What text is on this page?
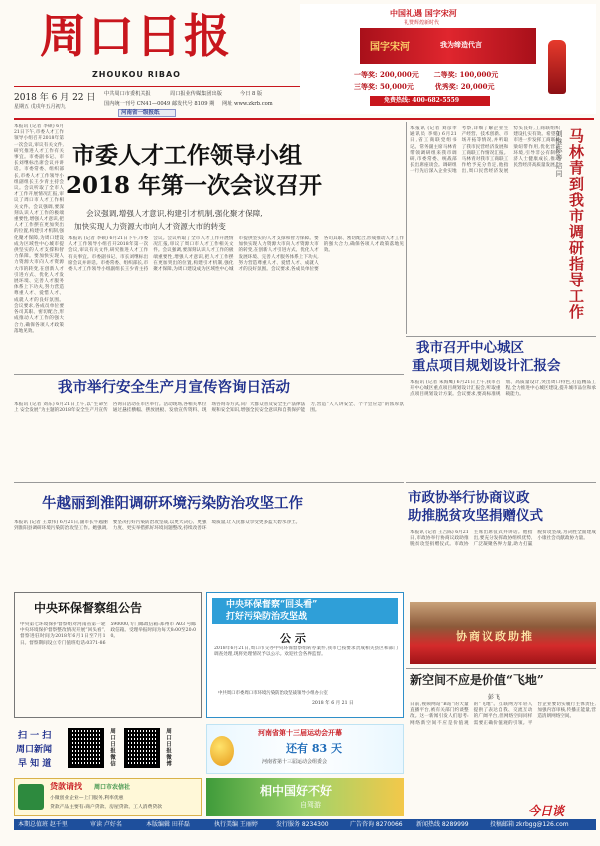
周口日报
ZHOUKOU RIBAO
2018 年 6 月 22 日
星期五 戊戌年五月初九
中共周口市委机关报	周口报业传媒集团出版	今日 8 版
国内统一刊号 CN41—0049 邮发代号 8109 期 网址 www.zkrb.com
河南省一级报纸
中国礼遇 国字宋河
礼赞辉煌新时代
国字宋河	我为缔造代言
一等奖: 200,000元 二等奖: 100,000元
三等奖: 50,000元	优秀奖: 20,000元
免费热线: 400-682-5559
市委人才工作领导小组
2018 年第一次会议召开
会议强调,增强人才意识,构建引才机制,强化聚才保障,
加快实现人力资源大市向人才资源大市的转变
本报讯 (记者 李硕) 6月21日下午,市委人才工作领导小组召开2018年第一次会议,审议有关文件,研究推进人才工作有关事宜。市委副书记、市长刘继标出席会议并讲话。市委常委、组织部长,市委人才工作领导小组副组长王少青主持会议。会议听取了全市人才工作开展情况汇报,审议了周口市人才工作相关文件。会议强调,要深刻认识人才工作的极端重要性,增强人才意识,把人才工作摆在更加突出的位置,构建引才机制,强化聚才保障,为周口建设成为区域性中心城市提供坚实的人才支撑和智力保障。要加快实现人力资源大市向人才资源大市的转变,在创新人才引进方式、优化人才发展环境、完善人才服务体系上下功夫,努力营造尊重人才、爱惜人才、成就人才的良好氛围。会议要求,各成员单位要各司其职、密切配合,形成推动人才工作的强大合力,确保各项人才政策落地见效。
本报讯 (记者 李硕) 6月21日下午,市委人才工作领导小组召开2018年第一次会议,审议有关文件,研究推进人才工作有关事宜。市委副书记、市长刘继标出席会议并讲话。市委常委、组织部长,市委人才工作领导小组副组长王少青主持会议。会议听取了全市人才工作开展情况汇报,审议了周口市人才工作相关文件。会议强调,要深刻认识人才工作的极端重要性,增强人才意识,把人才工作摆在更加突出的位置,构建引才机制,强化聚才保障,为周口建设成为区域性中心城市提供坚实的人才支撑和智力保障。要加快实现人力资源大市向人才资源大市的转变,在创新人才引进方式、优化人才发展环境、完善人才服务体系上下功夫,努力营造尊重人才、爱惜人才、成就人才的良好氛围。会议要求,各成员单位要各司其职、密切配合,形成推动人才工作的强大合力,确保各项人才政策落地见效。
本报讯 (记者 刘彦孝 通讯员 李娟) 6月21日,省工商联党组书记、常务副主席马林青带领调研组来我市调研,市委常委、统战部长出席座谈会。调研组一行先后深入企业实地考察,详细了解企业生产经营、技术创新、市场开拓等情况,并听取了我市民营经济发展和工商联工作情况汇报。马林青对我市工商联工作给予充分肯定,他指出,周口民营经济发展势头良好,工商联组织建设扎实有效。希望我市进一步发挥工商联桥梁纽带作用,优化营商环境,引导非公有制经济人士健康成长,推动民营经济高质量发展。 马林青到我市调研指导工作
刘继标等陪同
我市召开中心城区
重点项目规划设计汇报会
本报讯 (记者 朱海鹰) 6月21日上午,我市召开中心城区重点项目规划设计汇报会,听取重点项目规划设计方案。会议要求,要高标准规划、高质量设计,突出周口特色,打造精品工程,全力推进中心城区建设,提升城市品位和承载能力。
我市举行安全生产月宣传咨询日活动
本报讯 (记者 刘东) 6月21日上午,以“生命至上 安全发展”为主题的2018年安全生产月宣传咨询日活动在市区举行。活动现场,各相关单位通过悬挂横幅、摆放展板、发放宣传资料、现场咨询等方式,向广大群众普及安全生产法律法规和安全知识,增强全民安全意识和自我保护能力,营造“人人讲安全、个个会应急”的浓厚氛围。
牛越丽到淮阳调研环境污染防治攻坚工作
本报讯 (记者 王景伟) 6月21日,副市长牛越丽到淮阳县调研环境污染防治攻坚工作。她强调,要坚决打好污染防治攻坚战,以更大决心、更强力度、更实举措抓好环境问题整改,持续改善环境质量,让人民群众享受更多蓝天碧水净土。
市政协举行协商议政
助推脱贫攻坚捐赠仪式
本报讯 (记者 王吉陈) 6月21日,市政协举行协商议政助推脱贫攻坚捐赠仪式。市政协主席出席仪式并讲话。他指出,要充分发挥政协组织优势,广泛凝聚各界力量,助力打赢脱贫攻坚战,为决胜全面建成小康社会贡献政协力量。
协商议政助推
新空间不应是价值“飞地”
彭飞
日前,视频网站“B站”的大量直播平台,被有关部门约谈整改。这一新闻引发人们思考:网络新空间不应是价值观的“飞地”。互联网为年轻人提供了表达自我、交流互动的广阔平台,但网络空间同样需要正确价值观的引领。平台企业要切实履行主体责任,加强内容审核,传播正能量,营造清朗网络空间。
今日谈
中央环保督察组公告
中央第七环境保护督察组对河南省第一轮中央环境保护督察整改情况开展“回头看”,督察进驻时间为2018年6月1日至7月1日。督察期间设立专门值班电话:0371-86590000,专门邮政信箱:郑州市 A03 号邮政信箱。受理举报时间为每天8:00至20:00。
中央环保督察“回头看”
打好污染防治攻坚战
公 示
2018年6月21日,周口市交办中央环保督察组转办案件,我市已按要求责成相关县区和部门调查处理,现将处理情况予以公示。欢迎社会各界监督。
中共周口市委周口市环境污染防治攻坚战领导小组办公室
2018 年 6 月 21 日
扫 一 扫
周口新闻
早 知 道	周口日报微信	周口日报微博	河南省第十三届运动会开幕
还有 83 天
河南省第十三届运动会组委会
贷款请找 周口市农信社
小微创业企业—上门服务,利率优惠
贷款产品主要有:商户贷款、房屋贷款、工人消费贷款
相中国好不好
自驾游
本期总值班 赵千里	审读 卢好名	本版编辑 田祥磊	执行美编 王丽婷	发行服务 8234300	广告咨询 8270066 新闻热线 8289999	投稿邮箱 zkrbgg@126.com
